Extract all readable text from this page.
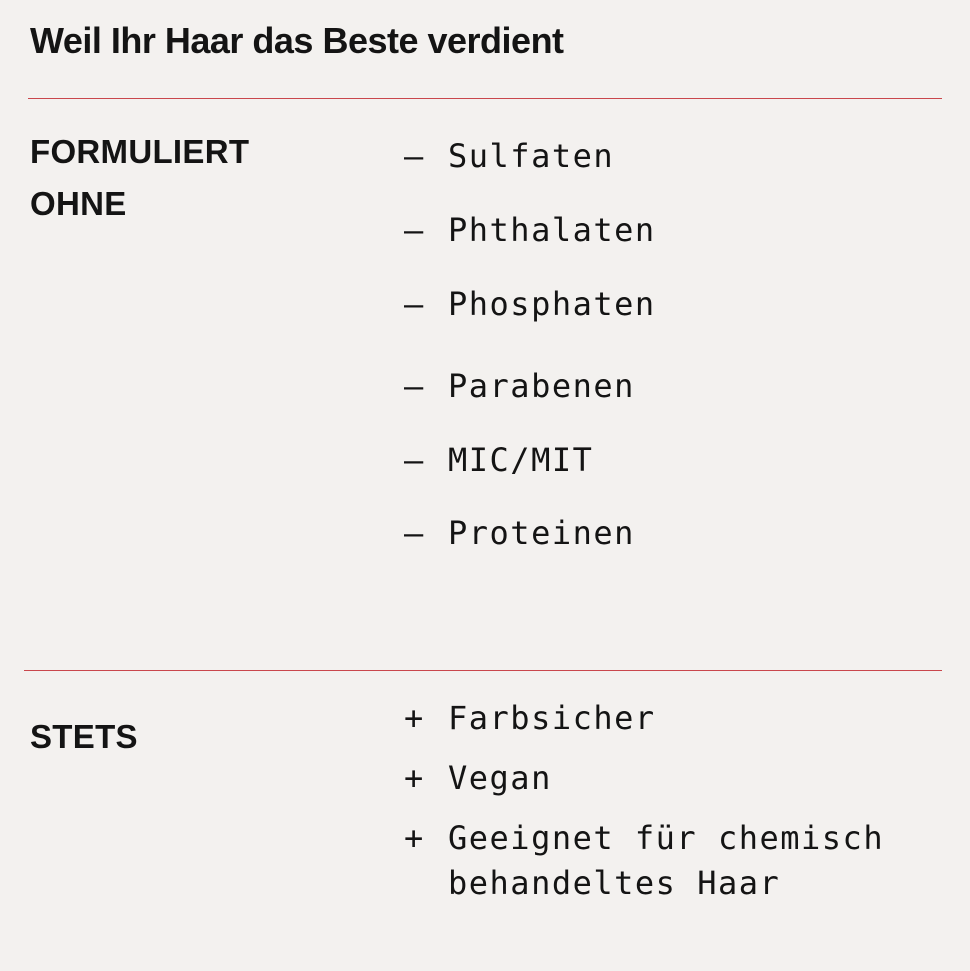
Weil Ihr Haar das Beste verdient
FORMULIERT OHNE
— Sulfaten
— Phthalaten
— Phosphaten
— Parabenen
— MIC/MIT
— Proteinen
STETS	+ Farbsicher
+ Vegan
+ Geeignet für chemisch behandeltes Haar
